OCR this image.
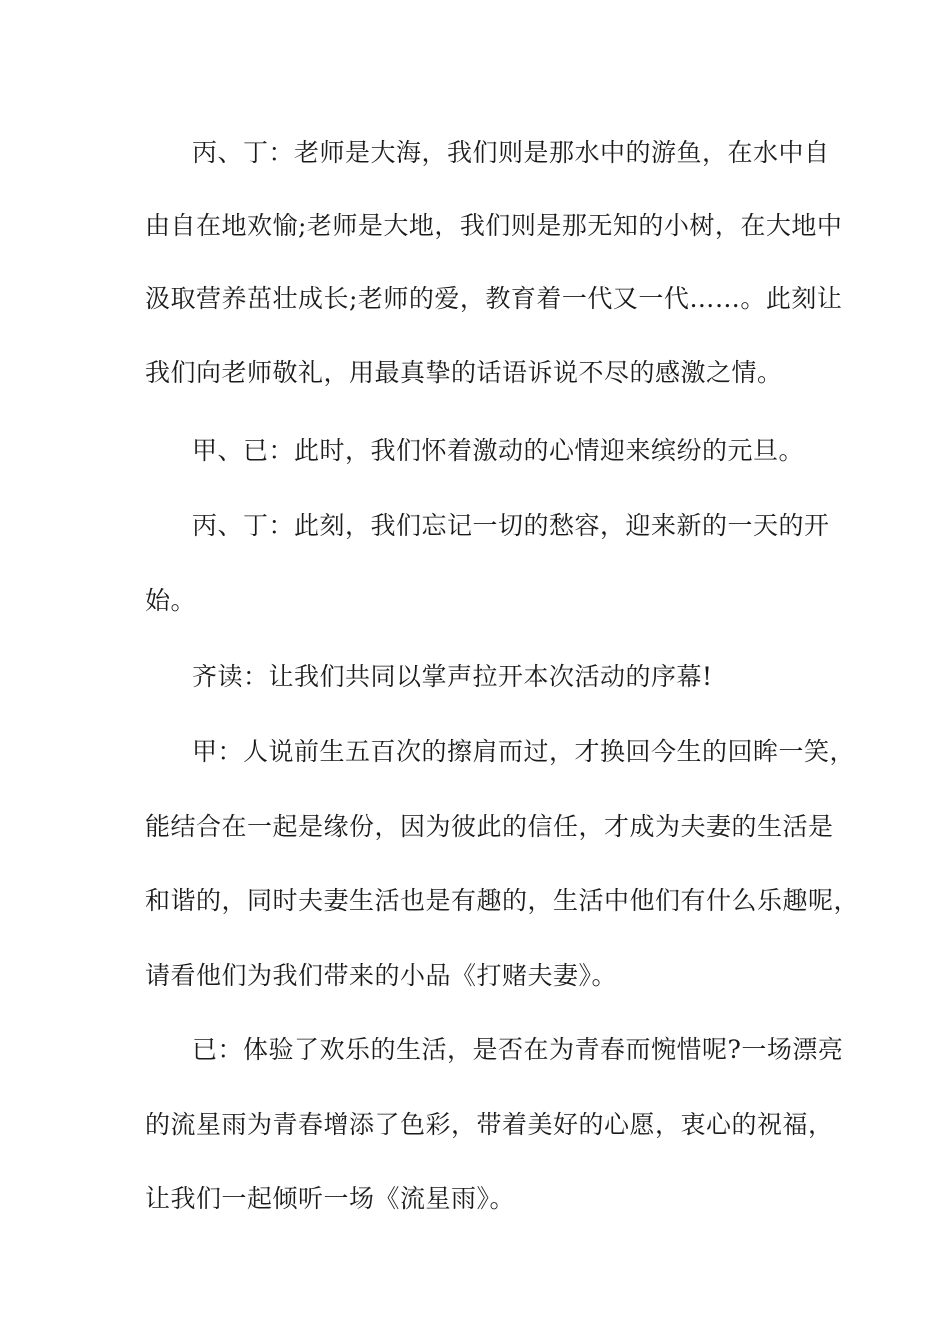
丙、丁：老师是大海，我们则是那水中的游鱼，在水中自
由自在地欢愉;老师是大地，我们则是那无知的小树，在大地中
汲取营养茁壮成长;老师的爱，教育着一代又一代……。此刻让
我们向老师敬礼，用最真挚的话语诉说不尽的感激之情。
甲、已：此时，我们怀着激动的心情迎来缤纷的元旦。
丙、丁：此刻，我们忘记一切的愁容，迎来新的一天的开
始。
齐读：让我们共同以掌声拉开本次活动的序幕!
甲：人说前生五百次的擦肩而过，才换回今生的回眸一笑，
能结合在一起是缘份，因为彼此的信任，才成为夫妻的生活是
和谐的，同时夫妻生活也是有趣的，生活中他们有什么乐趣呢，
请看他们为我们带来的小品《打赌夫妻》。
已：体验了欢乐的生活，是否在为青春而惋惜呢?一场漂亮
的流星雨为青春增添了色彩，带着美好的心愿，衷心的祝福，
让我们一起倾听一场《流星雨》。
